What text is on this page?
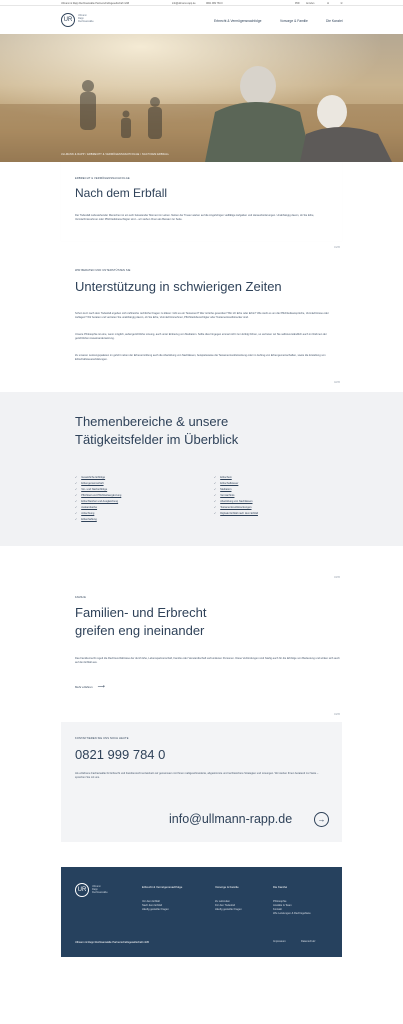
Ullmann & Rapp Rechtsanwälte Partnerschaftsgesellschaft mbB	info@ullmann-rapp.de	0821 999 784 0	PDF	Anrufen	✉	☏
UR
Ullmann
Rapp
Rechtsanwälte	Erbrecht & Vermögensnachfolge	Vorsorge & Familie	Die Kanzlei
ULLMANN & RAPP / ERBRECHT & VERMÖGENSNACHFOLGE / NACH DEM ERBFALL
ERBRECHT & VERMÖGENSNACHFOLGE
Nach dem Erbfall
Der Todesfall nahestehender Menschen ist ein sehr belastender Moment im Leben. Neben der Trauer warten auf die Angehörigen vielfältige Aufgaben und Herausforderungen. Unabhängig davon, ob Sie Erbe, Vermächtnisnehmer oder Pflichtteilsberechtigter sind – wir stehen Ihnen als Berater zur Seite.
01/05
WIR BERATEN UND UNTERSTÜTZEN SIE
Unterstützung in schwierigen Zeiten
Schon kurz nach dem Todesfall ergeben sich zahlreiche rechtliche Fragen zu klären: Gibt es ein Testament? Wer ist Erbe geworden? Bin ich Erbe oder Erbin? Wie steht es um die Pflichtteilsansprüche, Vermächtnisse oder Auflagen? Wir beraten und vertreten Sie unabhängig davon, ob Sie Erbe, Vermächtnisnehmer, Pflichtteilsberechtigter oder Testamentsvollstrecker sind.
Unsere Philosophie ist eine, wenn möglich, außergerichtliche Lösung, auch unter Einbezug von Mediation. Sollte dies hingegen einmal nicht zum Erfolg führen, so vertreten wir Sie selbstverständlich auch im Rahmen der gerichtlichen Auseinandersetzung.
Zu unseren Leistungspaketen im gehört neben der Erbenermittlung auch die Abwicklung von Nachlässen, beispielsweise die Testamentsvollstreckung oder im Auftrag von Erbengemeinschaften, sowie die Erstellung von Erbschaftsteuererklärungen.
02/05
Themenbereiche & unsere
Tätigkeitsfelder im Überblick
✓ Gesetzliche Erbfolge
✓ Erbengemeinschaft
✓ Vor- und Nacherbfolge
✓ Pflichtteil und Pflichtteilsergänzung
✓ Erbschleicher und Ausgleichung
✓ Auslandserbe
✓ Anfechtung
✓ Erbenhaftung
✓ Erbschein
✓ Erbschaftsteuer
✓ Mediation
✓ Vermächtnis
✓ Abwicklung von Nachlässen
✓ Testamentsvollstreckungen
✓ Digitaler Erbfall nach dem Erbfall
03/05
FAMILIE
Familien- und Erbrecht
greifen eng ineinander
Das Familienrecht regelt die Rechtsverhältnisse der durch Ehe, Lebenspartnerschaft, Familie oder Verwandtschaft verbundenen Personen. Diese Verbindungen sind häufig auch für die Erbfolge von Bedeutung und wirken sich auch auf den Erbfall aus.
Mehr erfahren ⟶
04/05
KONTAKTIEREN SIE UNS NOCH HEUTE
0821 999 784 0
Als erfahrene Fachanwälte für Erbrecht und Familienrecht entwickeln wir gemeinsam mit Ihnen maßgeschneiderte, abgestimmte und rechtssichere Strategien und Lösungen. Wir stehen Ihnen beratend zur Seite – sprechen Sie mit uns.
info@ullmann-rapp.de	→
UR
Ullmann
Rapp
Rechtsanwälte
Erbrecht & Vermögensnachfolge
Vor dem Erbfall
Nach dem Erbfall
Häufig gestellte Fragen
Vorsorge & Familie
Zu Lebzeiten
Für den Todesfall
Häufig gestellte Fragen
Die Kanzlei
Philosophie
Anwälte & Team
Kontakt
Wie Leistungen & Rechtsgebiete
Ullmann & Rapp Rechtsanwälte Partnerschaftsgesellschaft mbB	Impressum	Datenschutz
